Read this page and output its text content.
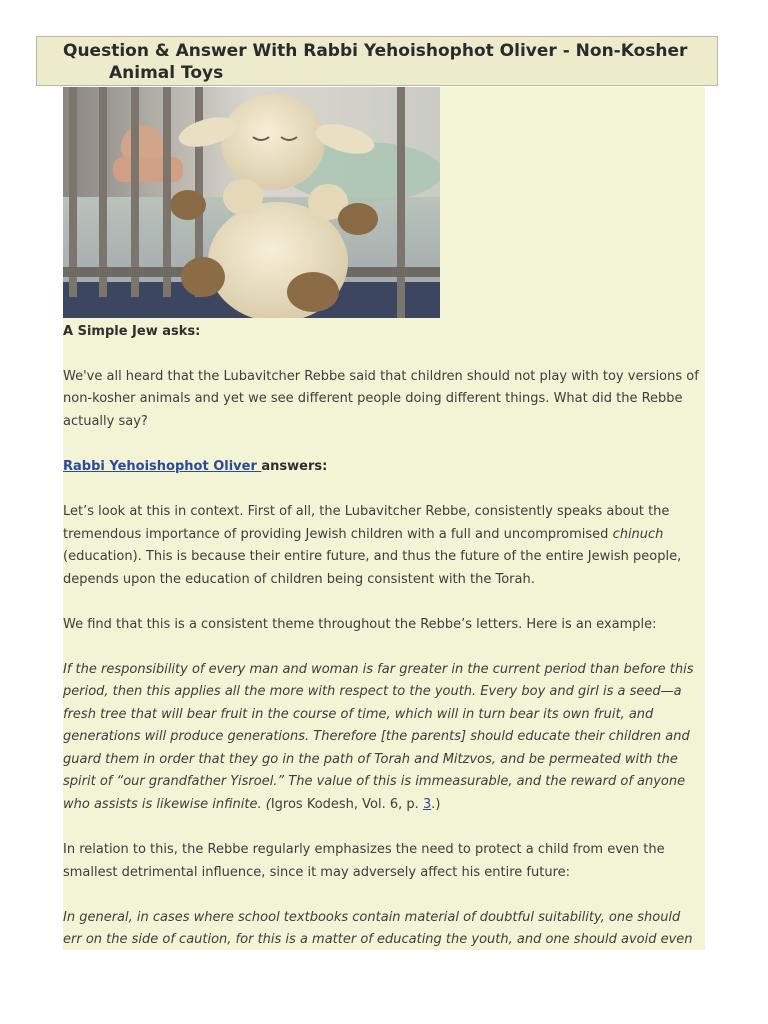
Question & Answer With Rabbi Yehoishophot Oliver - Non-Kosher
Animal Toys
A Simple Jew asks:
We've all heard that the Lubavitcher Rebbe said that children should not play with toy versions of
non-kosher animals and yet we see different people doing different things. What did the Rebbe
actually say?
Rabbi Yehoishophot Oliver answers:
Let’s look at this in context. First of all, the Lubavitcher Rebbe, consistently speaks about the
tremendous importance of providing Jewish children with a full and uncompromised chinuch
(education). This is because their entire future, and thus the future of the entire Jewish people,
depends upon the education of children being consistent with the Torah.
We find that this is a consistent theme throughout the Rebbe’s letters. Here is an example:
If the responsibility of every man and woman is far greater in the current period than before this
period, then this applies all the more with respect to the youth. Every boy and girl is a seed—a
fresh tree that will bear fruit in the course of time, which will in turn bear its own fruit, and
generations will produce generations. Therefore [the parents] should educate their children and
guard them in order that they go in the path of Torah and Mitzvos, and be permeated with the
spirit of “our grandfather Yisroel.” The value of this is immeasurable, and the reward of anyone
who assists is likewise infinite. (Igros Kodesh, Vol. 6, p. 3.)
In relation to this, the Rebbe regularly emphasizes the need to protect a child from even the
smallest detrimental influence, since it may adversely affect his entire future:
In general, in cases where school textbooks contain material of doubtful suitability, one should
err on the side of caution, for this is a matter of educating the youth, and one should avoid even
